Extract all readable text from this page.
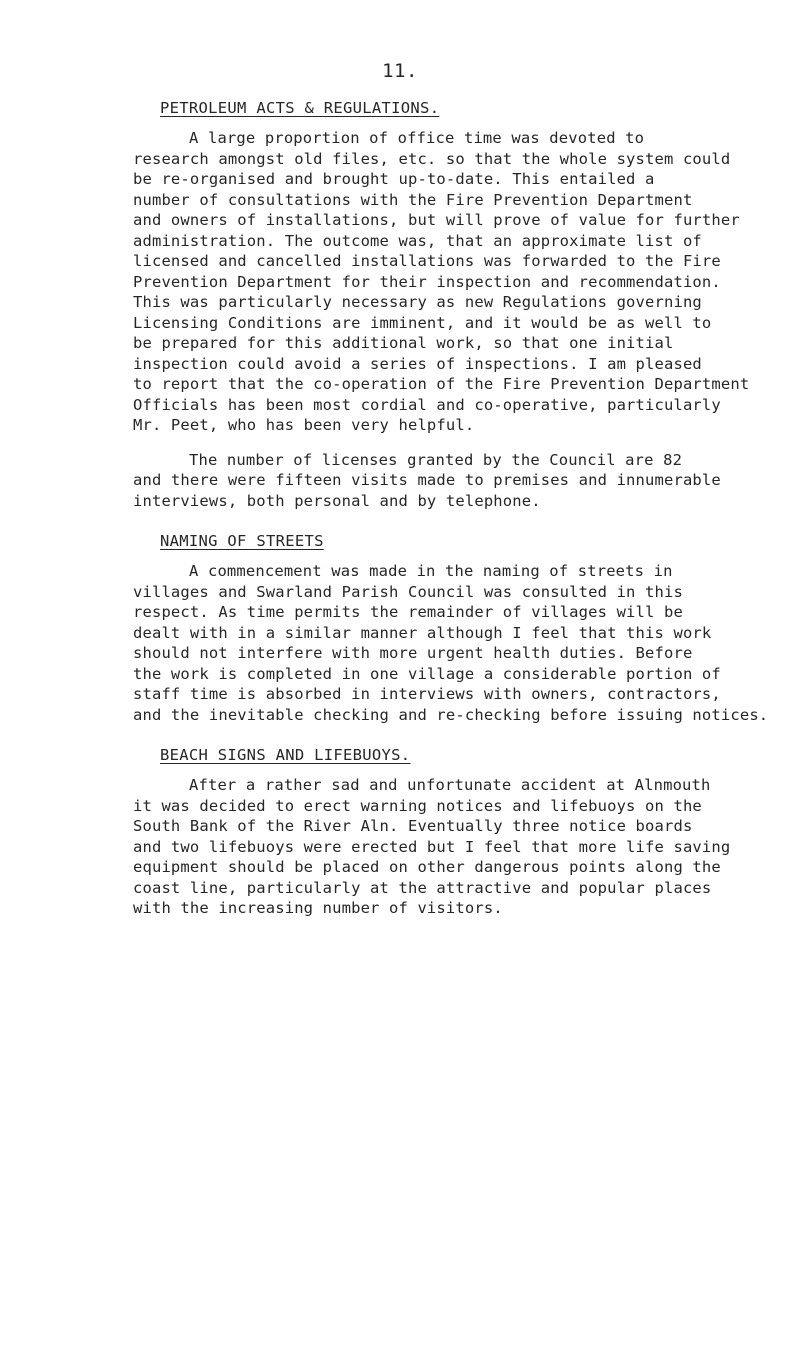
11.
PETROLEUM ACTS & REGULATIONS.
A large proportion of office time was devoted to
research amongst old files, etc. so that the whole system could
be re-organised and brought up-to-date. This entailed a
number of consultations with the Fire Prevention Department
and owners of installations, but will prove of value for further
administration. The outcome was, that an approximate list of
licensed and cancelled installations was forwarded to the Fire
Prevention Department for their inspection and recommendation.
This was particularly necessary as new Regulations governing
Licensing Conditions are imminent, and it would be as well to
be prepared for this additional work, so that one initial
inspection could avoid a series of inspections. I am pleased
to report that the co-operation of the Fire Prevention Department
Officials has been most cordial and co-operative, particularly
Mr. Peet, who has been very helpful.
The number of licenses granted by the Council are 82
and there were fifteen visits made to premises and innumerable
interviews, both personal and by telephone.
NAMING OF STREETS
A commencement was made in the naming of streets in
villages and Swarland Parish Council was consulted in this
respect. As time permits the remainder of villages will be
dealt with in a similar manner although I feel that this work
should not interfere with more urgent health duties. Before
the work is completed in one village a considerable portion of
staff time is absorbed in interviews with owners, contractors,
and the inevitable checking and re-checking before issuing notices.
BEACH SIGNS AND LIFEBUOYS.
After a rather sad and unfortunate accident at Alnmouth
it was decided to erect warning notices and lifebuoys on the
South Bank of the River Aln. Eventually three notice boards
and two lifebuoys were erected but I feel that more life saving
equipment should be placed on other dangerous points along the
coast line, particularly at the attractive and popular places
with the increasing number of visitors.
